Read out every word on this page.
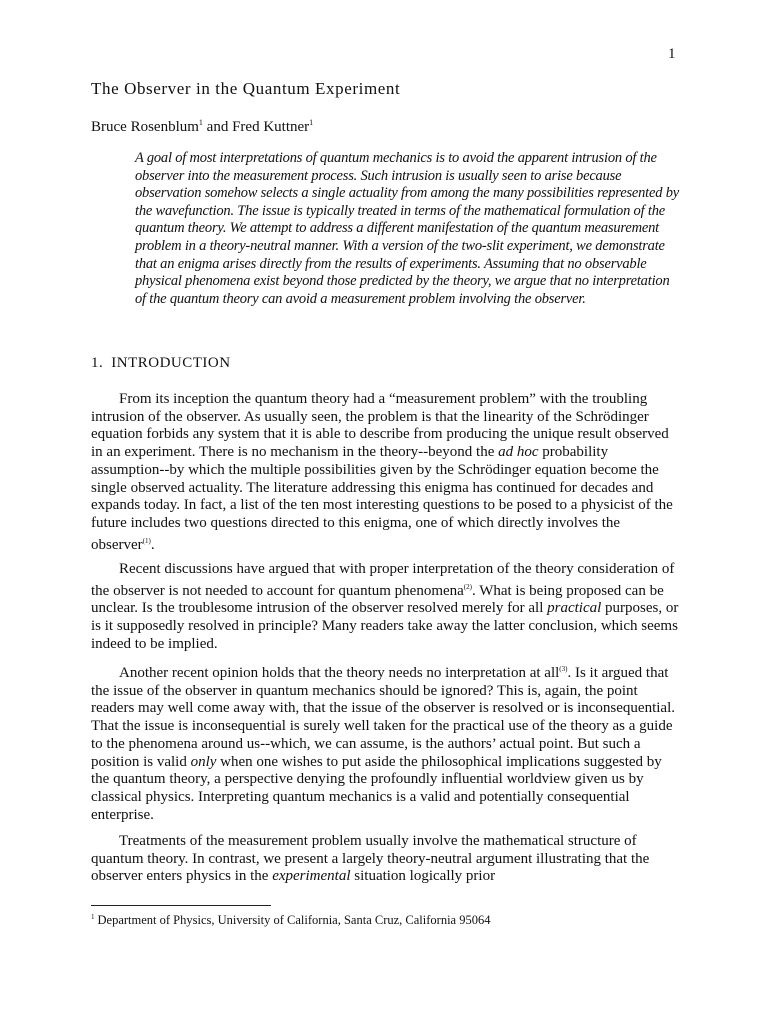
1
The Observer in the Quantum Experiment
Bruce Rosenblum$^1$ and Fred Kuttner$^1$

A goal of most interpretations of quantum mechanics is to avoid the apparent intrusion of the observer into the measurement process. Such intrusion is usually seen to arise because observation somehow selects a single actuality from among the many possibilities represented by the wavefunction. The issue is typically treated in terms of the mathematical formulation of the quantum theory. We attempt to address a different manifestation of the quantum measurement problem in a theory-neutral manner. With a version of the two-slit experiment, we demonstrate that an enigma arises directly from the results of experiments. Assuming that no observable physical phenomena exist beyond those predicted by the theory, we argue that no interpretation of the quantum theory can avoid a measurement problem involving the observer.

1. INTRODUCTION

From its inception the quantum theory had a “measurement problem” with the troubling intrusion of the observer. As usually seen, the problem is that the linearity of the Schrödinger equation forbids any system that it is able to describe from producing the unique result observed in an experiment. There is no mechanism in the theory--beyond the ad hoc probability assumption--by which the multiple possibilities given by the Schrödinger equation become the single observed actuality. The literature addressing this enigma has continued for decades and expands today. In fact, a list of the ten most interesting questions to be posed to a physicist of the future includes two questions directed to this enigma, one of which directly involves the observer$^{(1)}$.

Recent discussions have argued that with proper interpretation of the theory consideration of the observer is not needed to account for quantum phenomena$^{(2)}$. What is being proposed can be unclear. Is the troublesome intrusion of the observer resolved merely for all practical purposes, or is it supposedly resolved in principle? Many readers take away the latter conclusion, which seems indeed to be implied.

Another recent opinion holds that the theory needs no interpretation at all$^{(3)}$. Is it argued that the issue of the observer in quantum mechanics should be ignored? This is, again, the point readers may well come away with, that the issue of the observer is resolved or is inconsequential. That the issue is inconsequential is surely well taken for the practical use of the theory as a guide to the phenomena around us--which, we can assume, is the authors’ actual point. But such a position is valid only when one wishes to put aside the philosophical implications suggested by the quantum theory, a perspective denying the profoundly influential worldview given us by classical physics. Interpreting quantum mechanics is a valid and potentially consequential enterprise.

Treatments of the measurement problem usually involve the mathematical structure of quantum theory. In contrast, we present a largely theory-neutral argument illustrating that the observer enters physics in the experimental situation logically prior

$^1$ Department of Physics, University of California, Santa Cruz, California 95064
